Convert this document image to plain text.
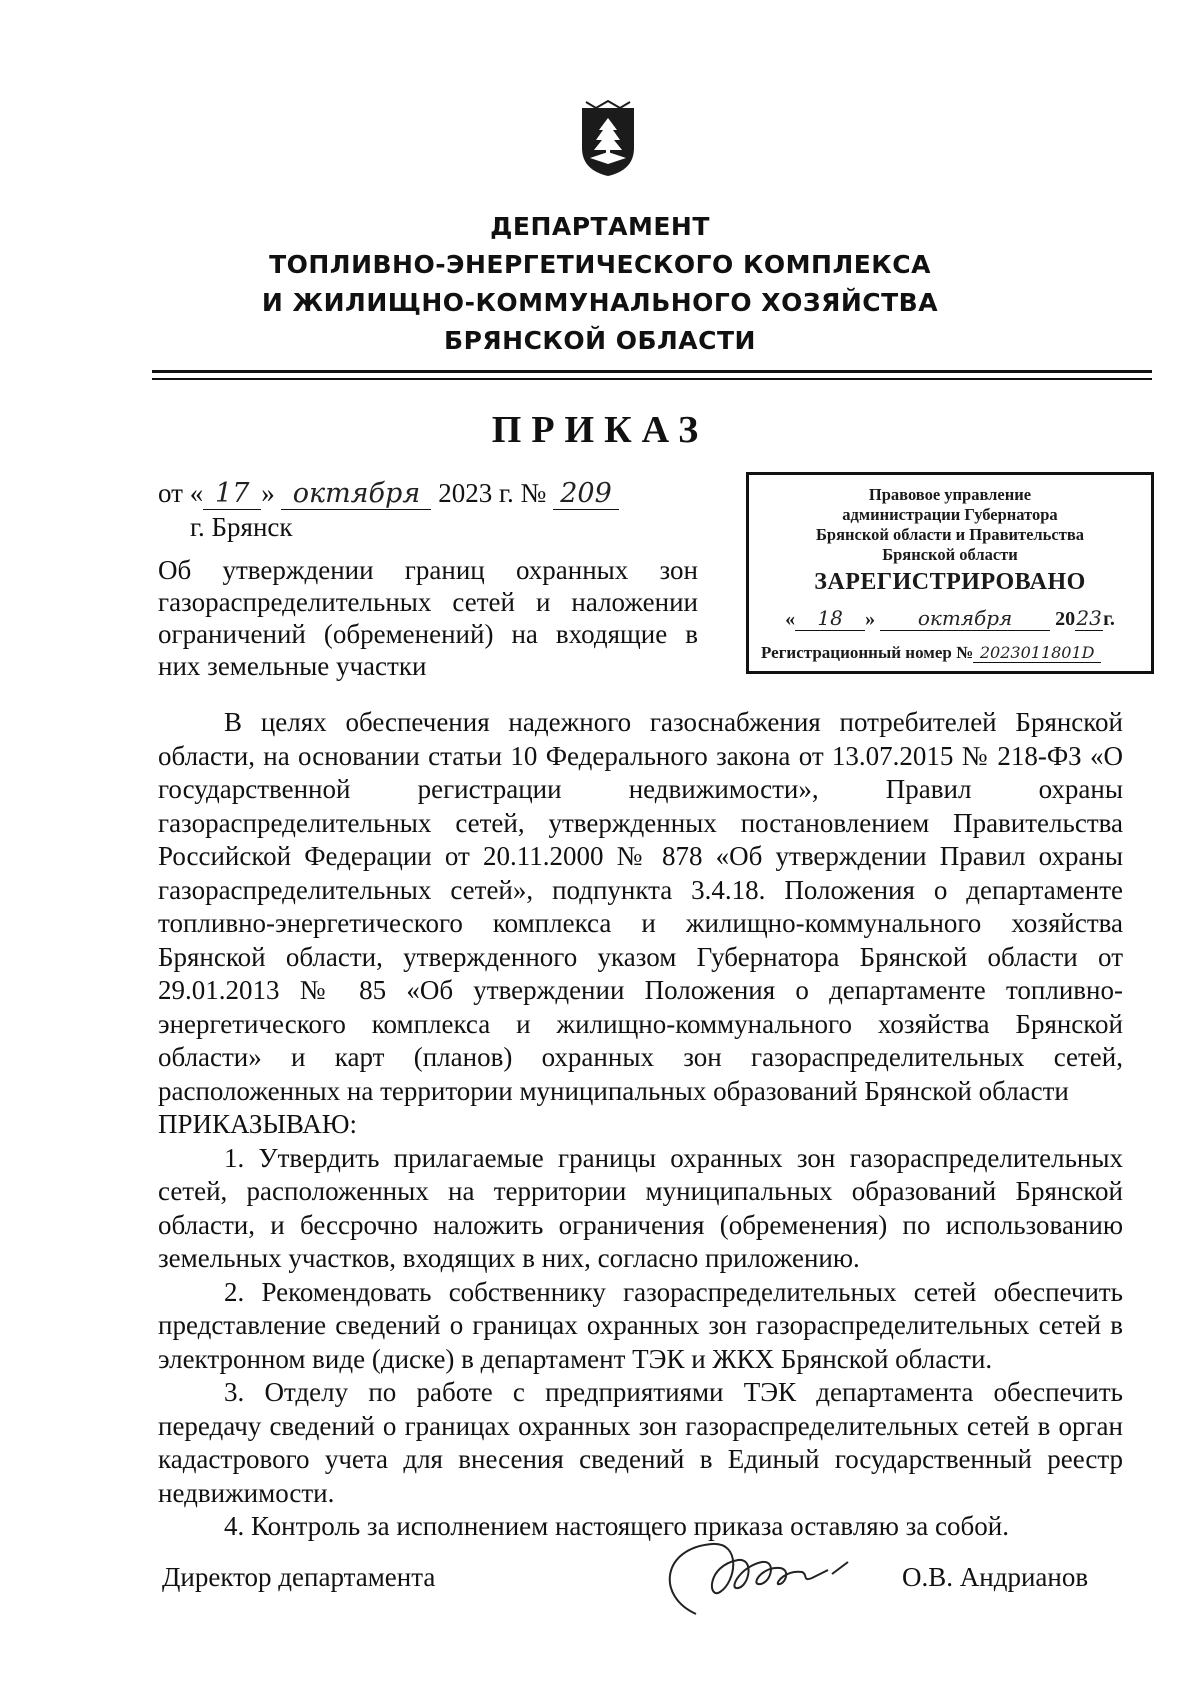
ДЕПАРТАМЕНТ
ТОПЛИВНО-ЭНЕРГЕТИЧЕСКОГО КОМПЛЕКСА
И ЖИЛИЩНО-КОММУНАЛЬНОГО ХОЗЯЙСТВА
БРЯНСКОЙ ОБЛАСТИ
ПРИКАЗ
от « 17 » октября 2023 г. № 209
г. Брянск
Об утверждении границ охранных зон газораспределительных сетей и наложении ограничений (обременений) на входящие в них земельные участки
Правовое управление
администрации Губернатора
Брянской области и Правительства
Брянской области
ЗАРЕГИСТРИРОВАНО
« 18 » октября 2023г.
Регистрационный номер № 2023011801D

В целях обеспечения надежного газоснабжения потребителей Брянской области, на основании статьи 10 Федерального закона от 13.07.2015 № 218-ФЗ «О государственной регистрации недвижимости», Правил охраны газораспределительных сетей, утвержденных постановлением Правительства Российской Федерации от 20.11.2000 № 878 «Об утверждении Правил охраны газораспределительных сетей», подпункта 3.4.18. Положения о департаменте топливно-энергетического комплекса и жилищно-коммунального хозяйства Брянской области, утвержденного указом Губернатора Брянской области от 29.01.2013 № 85 «Об утверждении Положения о департаменте топливно-энергетического комплекса и жилищно-коммунального хозяйства Брянской области» и карт (планов) охранных зон газораспределительных сетей, расположенных на территории муниципальных образований Брянской области

ПРИКАЗЫВАЮ:

1. Утвердить прилагаемые границы охранных зон газораспределительных сетей, расположенных на территории муниципальных образований Брянской области, и бессрочно наложить ограничения (обременения) по использованию земельных участков, входящих в них, согласно приложению.

2. Рекомендовать собственнику газораспределительных сетей обеспечить представление сведений о границах охранных зон газораспределительных сетей в электронном виде (диске) в департамент ТЭК и ЖКХ Брянской области.

3. Отделу по работе с предприятиями ТЭК департамента обеспечить передачу сведений о границах охранных зон газораспределительных сетей в орган кадастрового учета для внесения сведений в Единый государственный реестр недвижимости.

4. Контроль за исполнением настоящего приказа оставляю за собой.

Директор департамента	О.В. Андрианов
